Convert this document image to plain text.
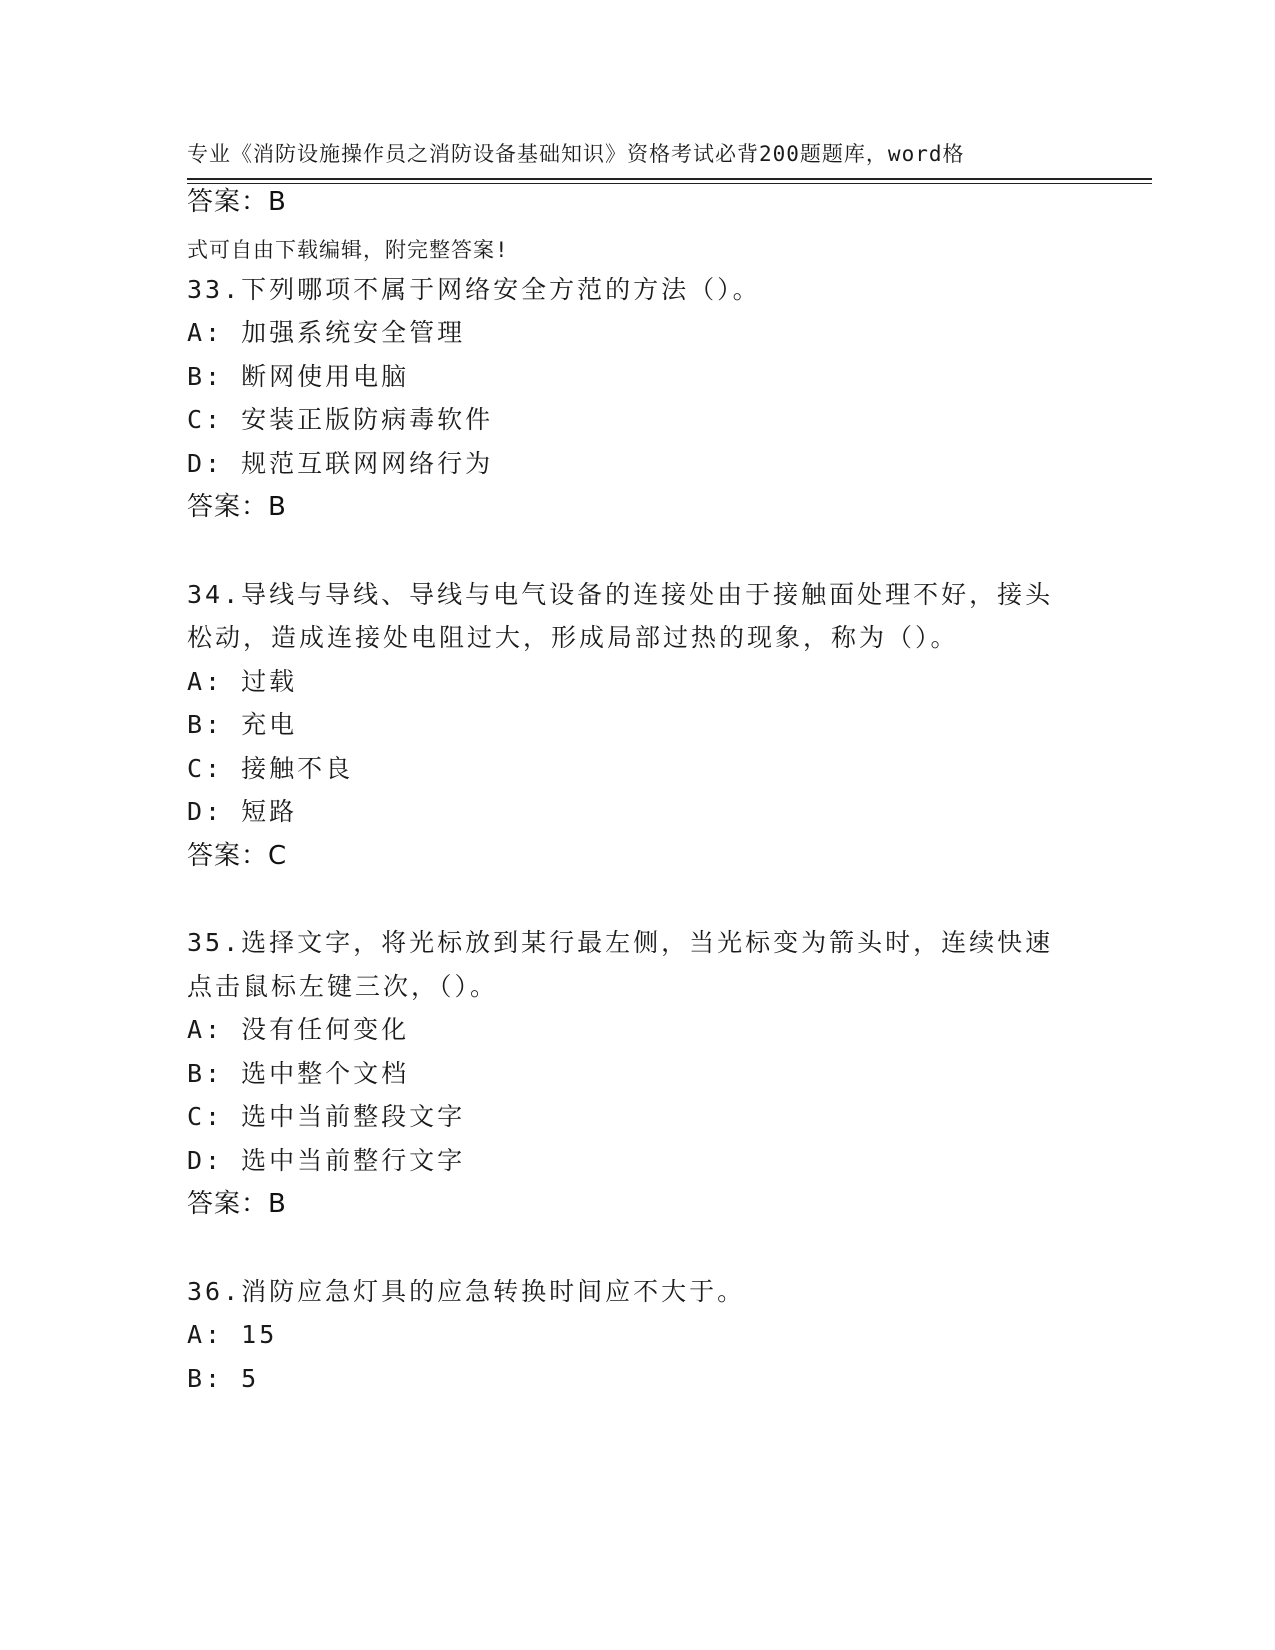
专业《消防设施操作员之消防设备基础知识》资格考试必背200题题库，word格

式可自由下载编辑，附完整答案!

答案：B
33.下列哪项不属于网络安全方范的方法（）。
A: 加强系统安全管理
B: 断网使用电脑
C: 安装正版防病毒软件
D: 规范互联网网络行为
答案：B
34.导线与导线、导线与电气设备的连接处由于接触面处理不好，接头
松动，造成连接处电阻过大，形成局部过热的现象，称为（）。
A: 过载
B: 充电
C: 接触不良
D: 短路
答案：C
35.选择文字，将光标放到某行最左侧，当光标变为箭头时，连续快速
点击鼠标左键三次，（）。
A: 没有任何变化
B: 选中整个文档
C: 选中当前整段文字
D: 选中当前整行文字
答案：B
36.消防应急灯具的应急转换时间应不大于。
A: 15
B: 5
